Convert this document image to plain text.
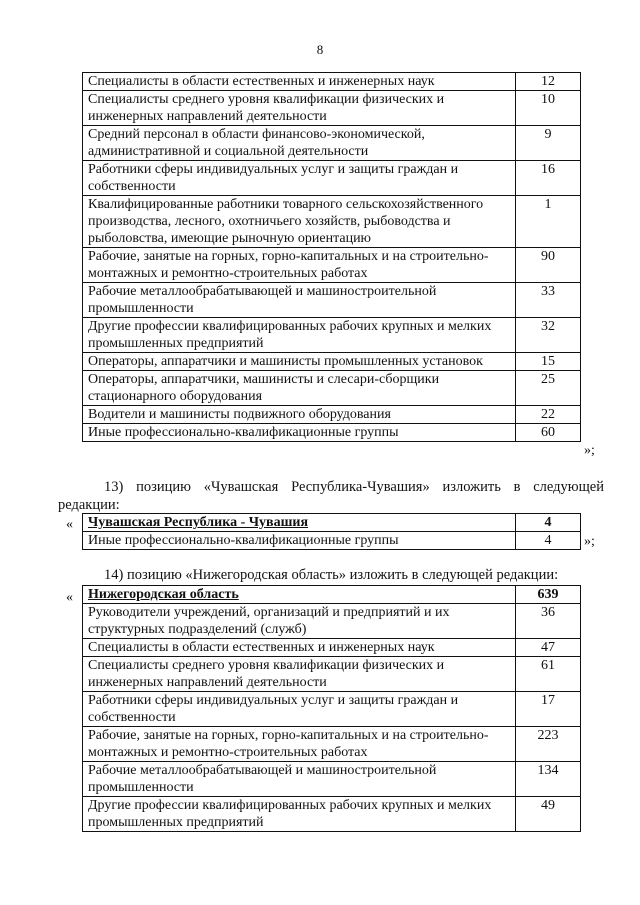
8
Специалисты в области естественных и инженерных наук	12
Специалисты среднего уровня квалификации физических и инженерных направлений деятельности	10
Средний персонал в области финансово-экономической, административной и социальной деятельности	9
Работники сферы индивидуальных услуг и защиты граждан и собственности	16
Квалифицированные работники товарного сельскохозяйственного производства, лесного, охотничьего хозяйств, рыбоводства и рыболовства, имеющие рыночную ориентацию	1
Рабочие, занятые на горных, горно-капитальных и на строительно-монтажных и ремонтно-строительных работах	90
Рабочие металлообрабатывающей и машиностроительной промышленности	33
Другие профессии квалифицированных рабочих крупных и мелких промышленных предприятий	32
Операторы, аппаратчики и машинисты промышленных установок	15
Операторы, аппаратчики, машинисты и слесари-сборщики стационарного оборудования	25
Водители и машинисты подвижного оборудования	22
Иные профессионально-квалификационные группы	60
»;
13) позицию «Чувашская Республика-Чувашия» изложить в следующей
редакции:
« Чувашская Республика - Чувашия	4
Иные профессионально-квалификационные группы	4 »;
14) позицию «Нижегородская область» изложить в следующей редакции:
« Нижегородская область	639
Руководители учреждений, организаций и предприятий и их структурных подразделений (служб)	36
Специалисты в области естественных и инженерных наук	47
Специалисты среднего уровня квалификации физических и инженерных направлений деятельности	61
Работники сферы индивидуальных услуг и защиты граждан и собственности	17
Рабочие, занятые на горных, горно-капитальных и на строительно-монтажных и ремонтно-строительных работах	223
Рабочие металлообрабатывающей и машиностроительной промышленности	134
Другие профессии квалифицированных рабочих крупных и мелких промышленных предприятий	49
